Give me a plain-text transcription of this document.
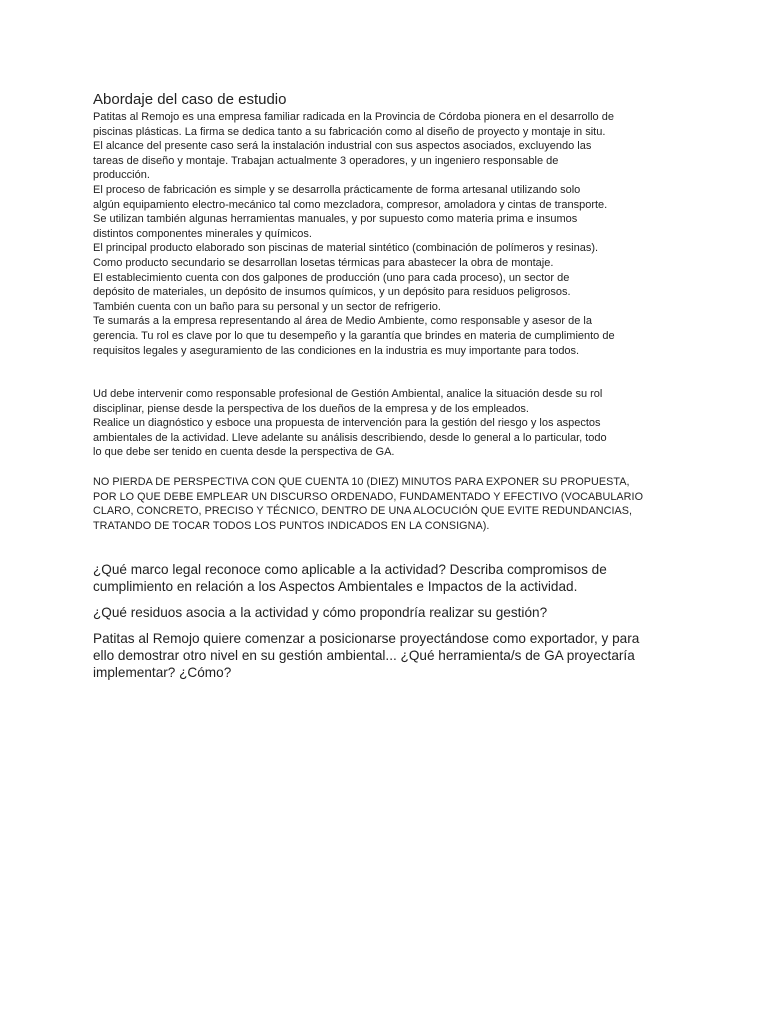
Abordaje del caso de estudio

Patitas al Remojo es una empresa familiar radicada en la Provincia de Córdoba pionera en el desarrollo de

piscinas plásticas. La firma se dedica tanto a su fabricación como al diseño de proyecto y montaje in situ.

El alcance del presente caso será la instalación industrial con sus aspectos asociados, excluyendo las

tareas de diseño y montaje. Trabajan actualmente 3 operadores, y un ingeniero responsable de

producción.

El proceso de fabricación es simple y se desarrolla prácticamente de forma artesanal utilizando solo

algún equipamiento electro-mecánico tal como mezcladora, compresor, amoladora y cintas de transporte.

Se utilizan también algunas herramientas manuales, y por supuesto como materia prima e insumos

distintos componentes minerales y químicos.

El principal producto elaborado son piscinas de material sintético (combinación de polímeros y resinas).

Como producto secundario se desarrollan losetas térmicas para abastecer la obra de montaje.

El establecimiento cuenta con dos galpones de producción (uno para cada proceso), un sector de

depósito de materiales, un depósito de insumos químicos, y un depósito para residuos peligrosos.

También cuenta con un baño para su personal y un sector de refrigerio.

Te sumarás a la empresa representando al área de Medio Ambiente, como responsable y asesor de la

gerencia. Tu rol es clave por lo que tu desempeño y la garantía que brindes en materia de cumplimiento de

requisitos legales y aseguramiento de las condiciones en la industria es muy importante para todos.

Ud debe intervenir como responsable profesional de Gestión Ambiental, analice la situación desde su rol

disciplinar, piense desde la perspectiva de los dueños de la empresa y de los empleados.

Realice un diagnóstico y esboce una propuesta de intervención para la gestión del riesgo y los aspectos

ambientales de la actividad. Lleve adelante su análisis describiendo, desde lo general a lo particular, todo

lo que debe ser tenido en cuenta desde la perspectiva de GA.

NO PIERDA DE PERSPECTIVA CON QUE CUENTA 10 (DIEZ) MINUTOS PARA EXPONER SU PROPUESTA,

POR LO QUE DEBE EMPLEAR UN DISCURSO ORDENADO, FUNDAMENTADO Y EFECTIVO (VOCABULARIO

CLARO, CONCRETO, PRECISO Y TÉCNICO, DENTRO DE UNA ALOCUCIÓN QUE EVITE REDUNDANCIAS,

TRATANDO DE TOCAR TODOS LOS PUNTOS INDICADOS EN LA CONSIGNA).

¿Qué marco legal reconoce como aplicable a la actividad? Describa compromisos de

cumplimiento en relación a los Aspectos Ambientales e Impactos de la actividad.

¿Qué residuos asocia a la actividad y cómo propondría realizar su gestión?

Patitas al Remojo quiere comenzar a posicionarse proyectándose como exportador, y para

ello demostrar otro nivel en su gestión ambiental... ¿Qué herramienta/s de GA proyectaría

implementar? ¿Cómo?
